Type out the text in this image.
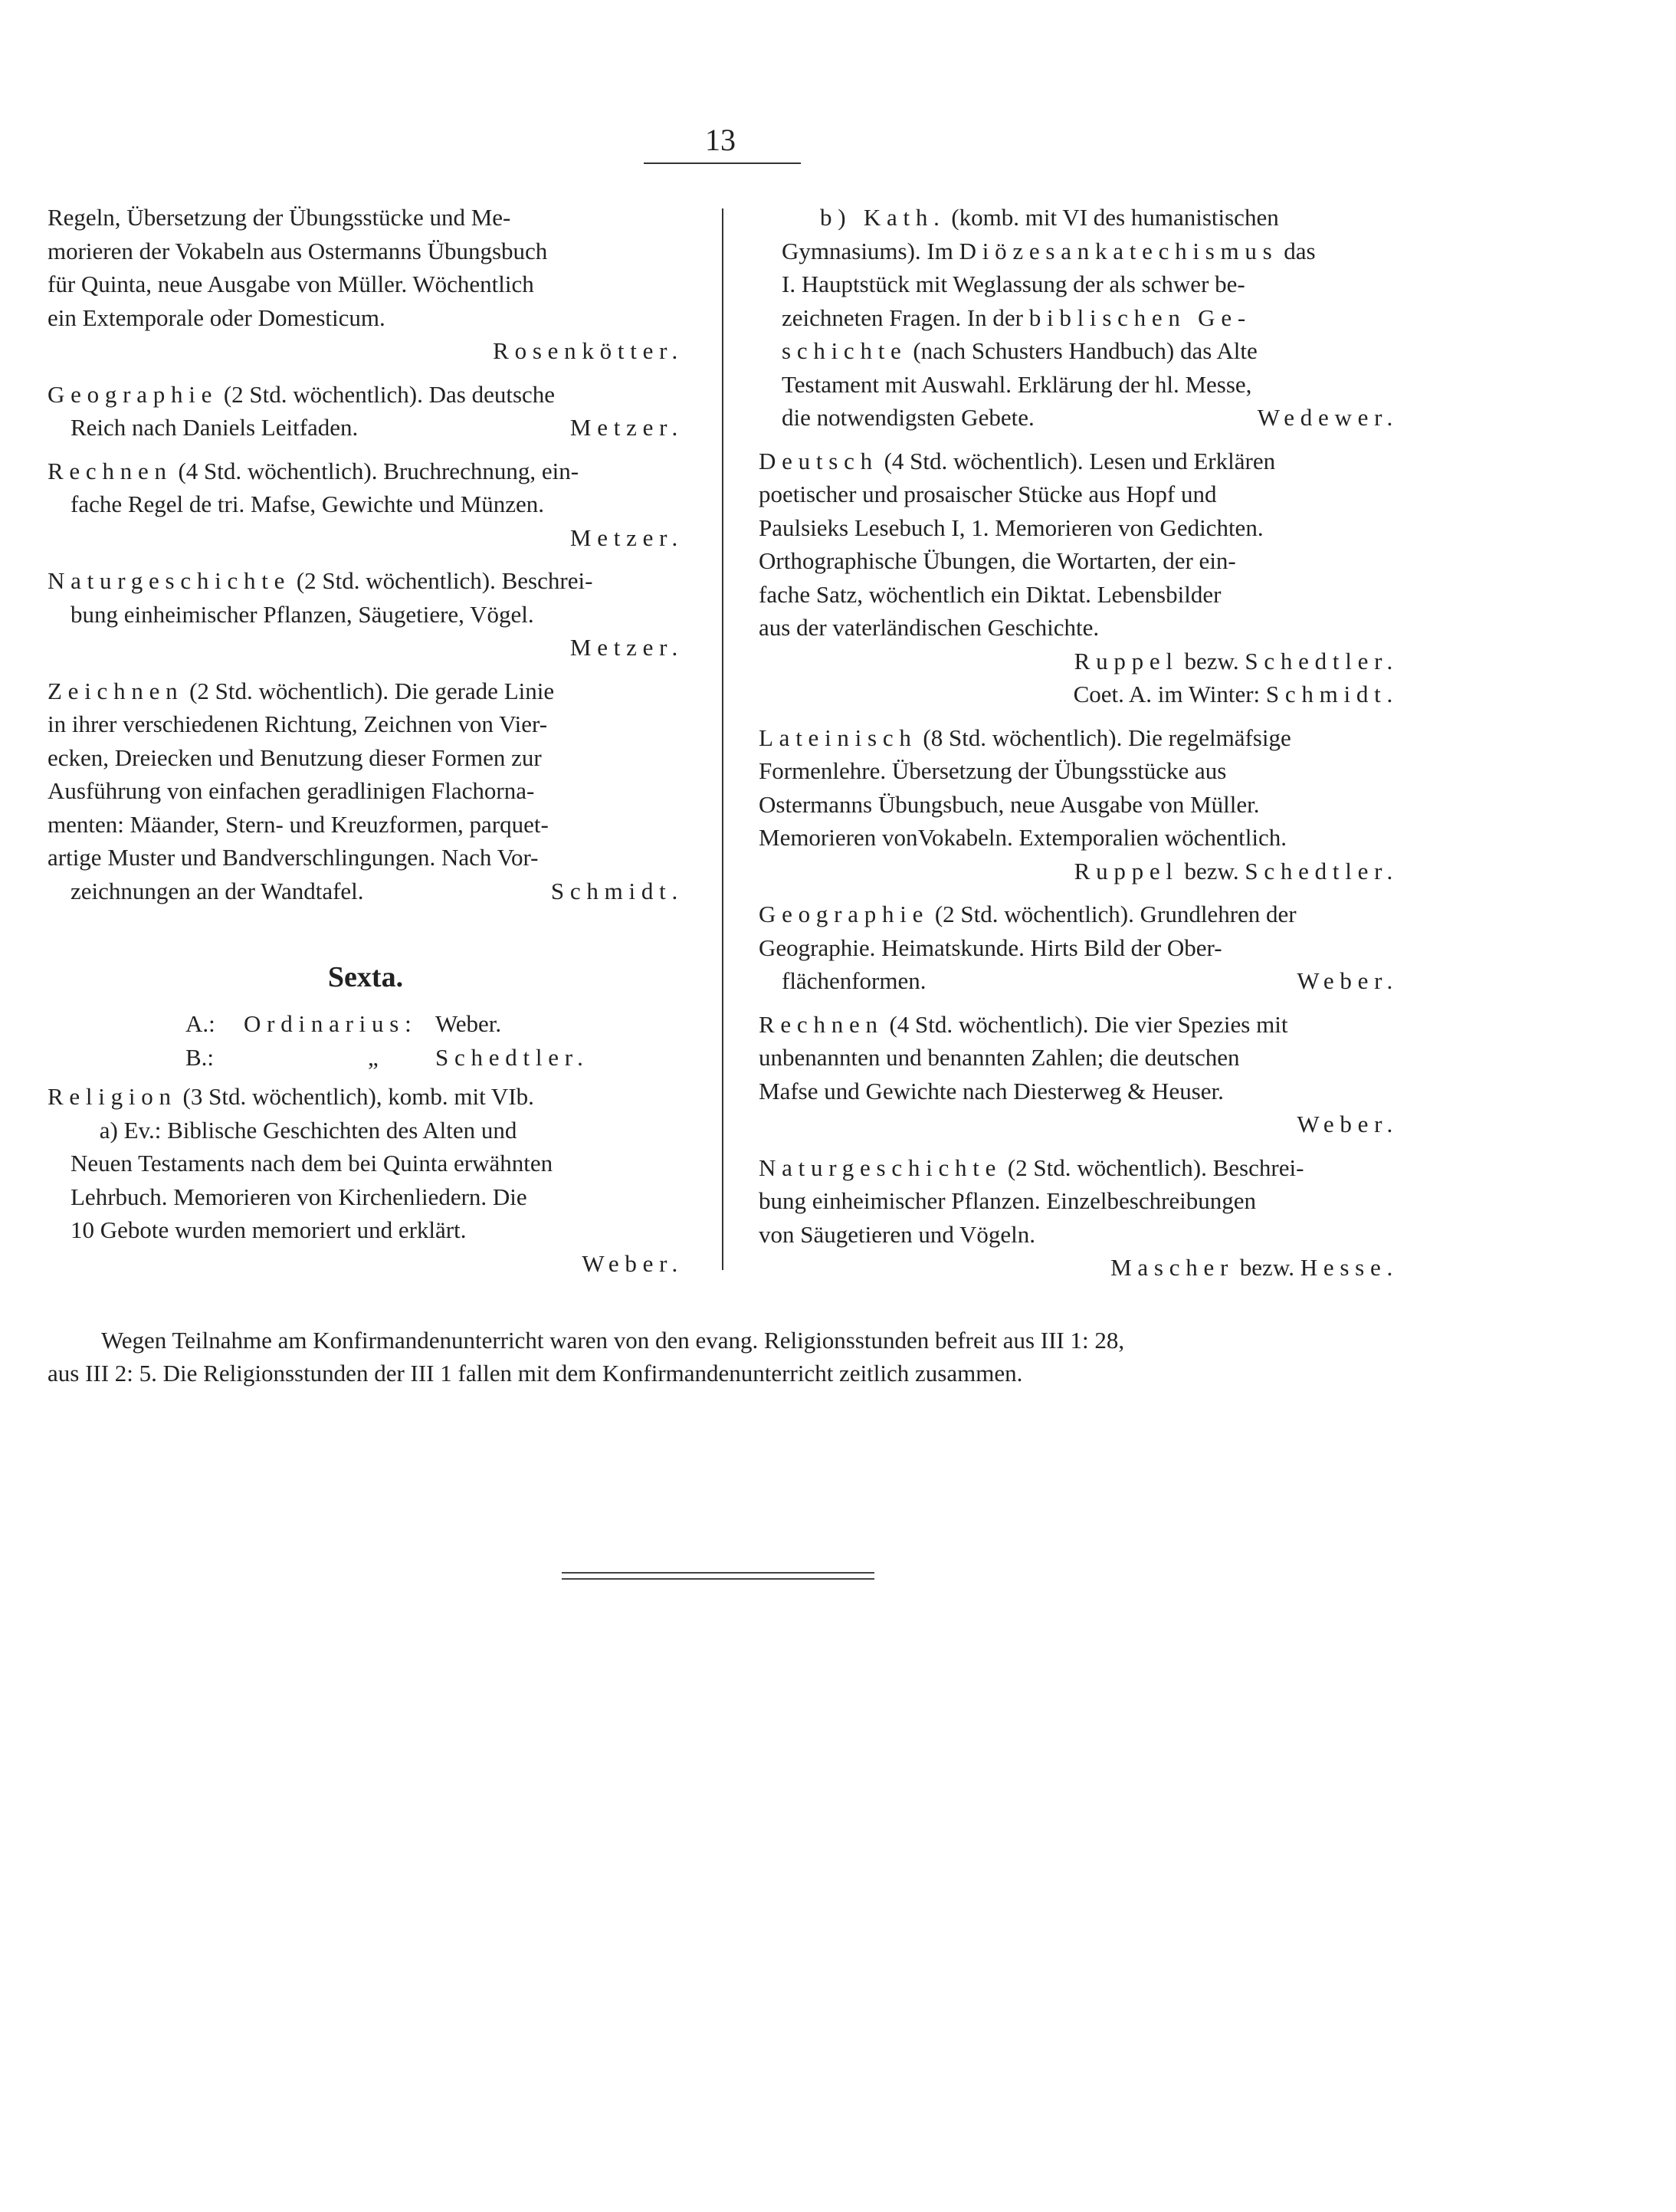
13
Regeln, Übersetzung der Übungsstücke und Me-
morieren der Vokabeln aus Ostermanns Übungsbuch
für Quinta, neue Ausgabe von Müller. Wöchentlich
ein Extemporale oder Domesticum.
Rosenkötter.
Geographie (2 Std. wöchentlich). Das deutsche
Reich nach Daniels Leitfaden.	Metzer.
Rechnen (4 Std. wöchentlich). Bruchrechnung, ein-
fache Regel de tri. Mafse, Gewichte und Münzen.
Metzer.
Naturgeschichte (2 Std. wöchentlich). Beschrei-
bung einheimischer Pflanzen, Säugetiere, Vögel.
Metzer.
Zeichnen (2 Std. wöchentlich). Die gerade Linie

in ihrer verschiedenen Richtung, Zeichnen von Vier-
ecken, Dreiecken und Benutzung dieser Formen zur
Ausführung von einfachen geradlinigen Flachorna-
menten: Mäander, Stern- und Kreuzformen, parquet-
artige Muster und Bandverschlingungen. Nach Vor-
zeichnungen an der Wandtafel.	Schmidt.
Sexta.
A.: Ordinarius: Weber.
B.:	„ Schedtler.
Religion (3 Std. wöchentlich), komb. mit VIb.

a) Ev.: Biblische Geschichten des Alten und

Neuen Testaments nach dem bei Quinta erwähnten
Lehrbuch. Memorieren von Kirchenliedern. Die
10 Gebote wurden memoriert und erklärt.
Weber.
b) Kath. (komb. mit VI des humanistischen
Gymnasiums). Im Diözesankatechismus das
I. Hauptstück mit Weglassung der als schwer be-
zeichneten Fragen. In der biblischen Ge-
schichte (nach Schusters Handbuch) das Alte
Testament mit Auswahl. Erklärung der hl. Messe,
die notwendigsten Gebete.	Wedewer.
Deutsch (4 Std. wöchentlich). Lesen und Erklären

poetischer und prosaischer Stücke aus Hopf und
Paulsieks Lesebuch I, 1. Memorieren von Gedichten.
Orthographische Übungen, die Wortarten, der ein-
fache Satz, wöchentlich ein Diktat. Lebensbilder
aus der vaterländischen Geschichte.
Ruppel bezw. Schedtler.
Coet. A. im Winter: Schmidt.
Lateinisch (8 Std. wöchentlich). Die regelmäfsige

Formenlehre. Übersetzung der Übungsstücke aus
Ostermanns Übungsbuch, neue Ausgabe von Müller.
Memorieren vonVokabeln. Extemporalien wöchentlich.
Ruppel bezw. Schedtler.
Geographie (2 Std. wöchentlich). Grundlehren der

Geographie. Heimatskunde. Hirts Bild der Ober-
flächenformen.	Weber.
Rechnen (4 Std. wöchentlich). Die vier Spezies mit

unbenannten und benannten Zahlen; die deutschen
Mafse und Gewichte nach Diesterweg & Heuser.
Weber.
Naturgeschichte (2 Std. wöchentlich). Beschrei-

bung einheimischer Pflanzen. Einzelbeschreibungen
von Säugetieren und Vögeln.
Mascher bezw. Hesse.
Wegen Teilnahme am Konfirmandenunterricht waren von den evang. Religionsstunden befreit aus III 1: 28,
aus III 2: 5. Die Religionsstunden der III 1 fallen mit dem Konfirmandenunterricht zeitlich zusammen.
